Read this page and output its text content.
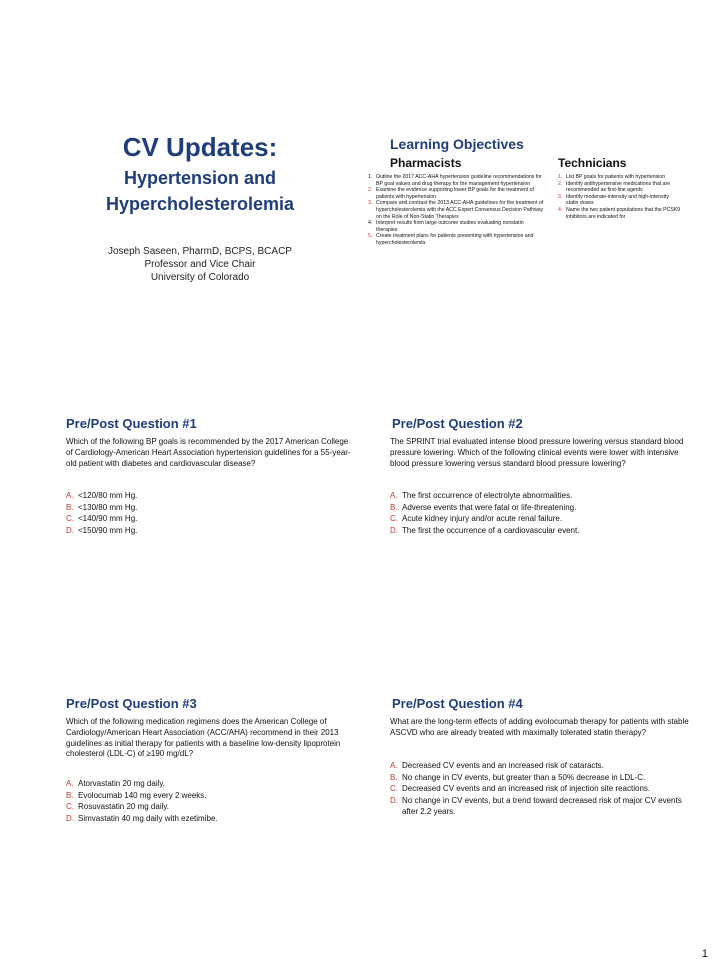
CV Updates:
Hypertension and
Hypercholesterolemia
Joseph Saseen, PharmD, BCPS, BCACP
Professor and Vice Chair
University of Colorado
Learning Objectives
Pharmacists
1. Outline the 2017 ACC-AHA hypertension guideline recommendations for BP goal values and drug therapy for the management hypertension
2. Examine the evidence supporting lower BP goals for the treatment of patients with hypertension
3. Compare and contrast the 2013 ACC-AHA guidelines for the treatment of hypercholesterolemia with the ACC Expert Consensus Decision Pathway on the Role of Non-Statin Therapies
4. Interpret results from large outcome studies evaluating nonstatin therapies
5. Create treatment plans for patients presenting with hypertension and hypercholesterolemia
Technicians
1. List BP goals for patients with hypertension
2. Identify antihypertensive medications that are recommended as first-line agents
3. Identify moderate-intensity and high-intensity statin doses
4. Name the two patient populations that the PCSK9 inhibitors are indicated for
Pre/Post Question #1
Which of the following BP goals is recommended by the 2017 American College of Cardiology-American Heart Association hypertension guidelines for a 55-year-old patient with diabetes and cardiovascular disease?
A. <120/80 mm Hg.
B. <130/80 mm Hg.
C. <140/90 mm Hg.
D. <150/90 mm Hg.
Pre/Post Question #2
The SPRINT trial evaluated intense blood pressure lowering versus standard blood pressure lowering. Which of the following clinical events were lower with intensive blood pressure lowering versus standard blood pressure lowering?
A. The first occurrence of electrolyte abnormalities.
B. Adverse events that were fatal or life-threatening.
C. Acute kidney injury and/or acute renal failure.
D. The first the occurrence of a cardiovascular event.
Pre/Post Question #3
Which of the following medication regimens does the American College of Cardiology/American Heart Association (ACC/AHA) recommend in their 2013 guidelines as initial therapy for patients with a baseline low-density lipoprotein cholesterol (LDL-C) of ≥190 mg/dL?
A. Atorvastatin 20 mg daily.
B. Evolocumab 140 mg every 2 weeks.
C. Rosuvastatin 20 mg daily.
D. Simvastatin 40 mg daily with ezetimibe.
Pre/Post Question #4
What are the long-term effects of adding evolocumab therapy for patients with stable ASCVD who are already treated with maximally tolerated statin therapy?
A. Decreased CV events and an increased risk of cataracts.
B. No change in CV events, but greater than a 50% decrease in LDL-C.
C. Decreased CV events and an increased risk of injection site reactions.
D. No change in CV events, but a trend toward decreased risk of major CV events after 2.2 years.
1
